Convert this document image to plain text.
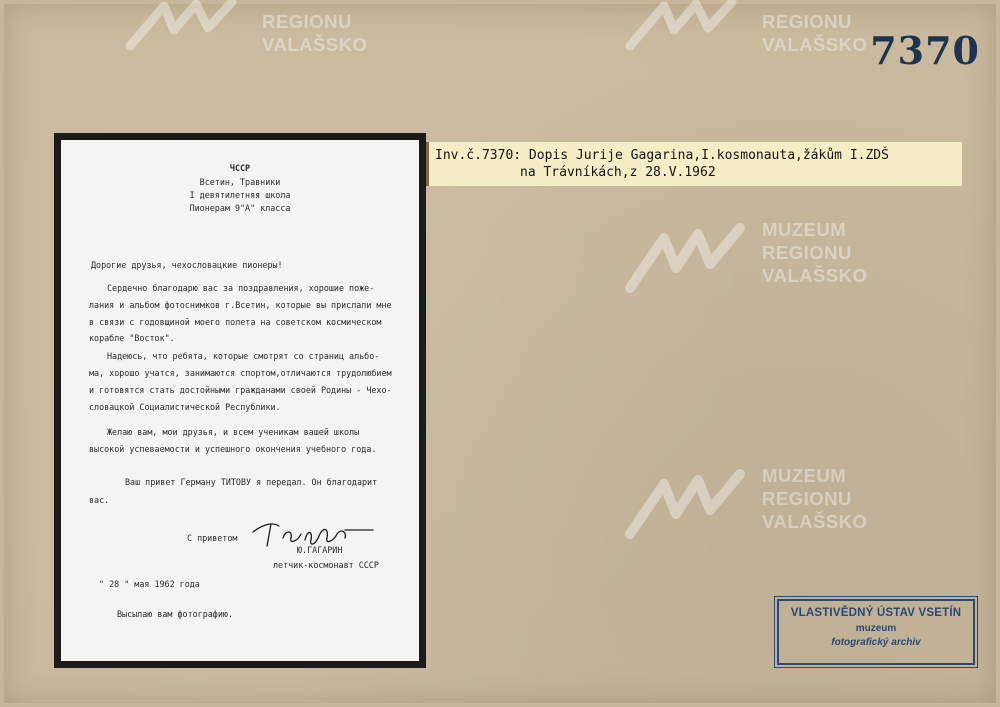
REGIONU
VALAŠSKO
REGIONU
VALAŠSKO
MUZEUM
REGIONU
VALAŠSKO
MUZEUM
REGIONU
VALAŠSKO
7370
ЧССР
Всетин, Травники
I девятилетняя школа
Пионерам 9"А" класса
Дорогие друзья, чехословацкие пионеры!
Сердечно благодарю вас за поздравления, хорошие поже-
лания и альбом фотоснимков г.Всетин, которые вы прислали мне
в связи с годовщиной моего полета на советском космическом
корабле "Восток".
Надеюсь, что ребята, которые смотрят со страниц альбо-
ма, хорошо учатся, занимаются спортом,отличаются трудолюбием
и готовятся стать достойными гражданами своей Родины - Чехо-
словацкой Социалистической Республики.
Желаю вам, мои друзья, и всем ученикам вашей школы
высокой успеваемости и успешного окончения учебного года.
Ваш привет Герману ТИТОВУ я передал. Он благодарит
вас.
С приветом
Ю.ГАГАРИН
летчик-космонавт СССР
" 28 " мая 1962 года
Высылаю вам фотографию.
Inv.č.7370: Dopis Jurije Gagarina,I.kosmonauta,žákům I.ZDŠ
na Trávníkách,z 28.V.1962
VLASTIVĚDNÝ ÚSTAV VSETÍN
muzeum
fotografický archiv
